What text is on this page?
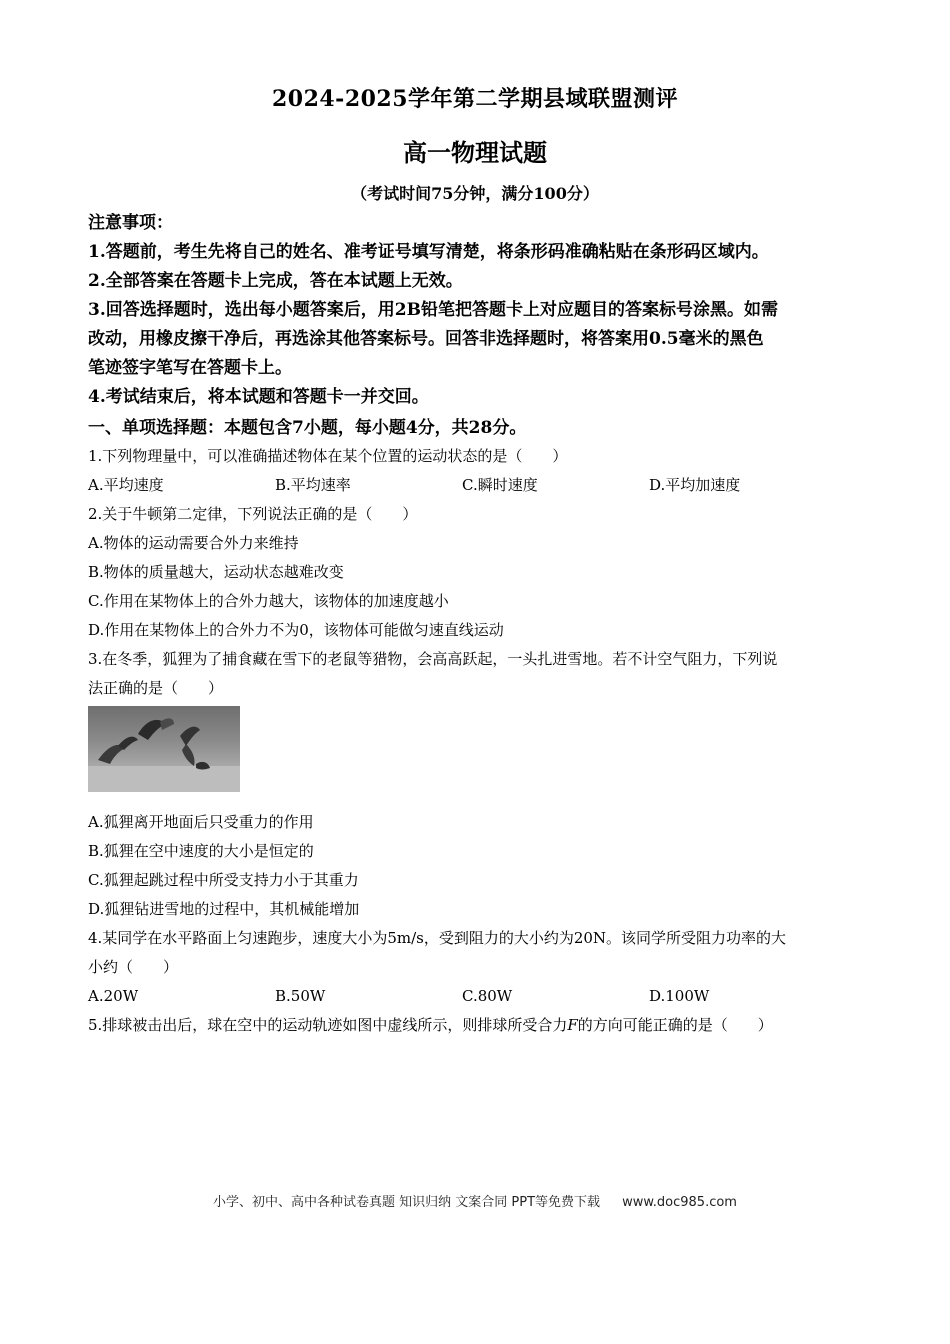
2024-2025学年第二学期县域联盟测评
高一物理试题
（考试时间75分钟，满分100分）

注意事项：

1.答题前，考生先将自己的姓名、准考证号填写清楚，将条形码准确粘贴在条形码区域内。

2.全部答案在答题卡上完成，答在本试题上无效。

3.回答选择题时，选出每小题答案后，用2B铅笔把答题卡上对应题目的答案标号涂黑。如需

改动，用橡皮擦干净后，再选涂其他答案标号。回答非选择题时，将答案用0.5毫米的黑色

笔迹签字笔写在答题卡上。

4.考试结束后，将本试题和答题卡一并交回。

一、单项选择题：本题包含7小题，每小题4分，共28分。

1.下列物理量中，可以准确描述物体在某个位置的运动状态的是（　　）

A.平均速度	B.平均速率	C.瞬时速度	D.平均加速度

2.关于牛顿第二定律，下列说法正确的是（　　）

A.物体的运动需要合外力来维持

B.物体的质量越大，运动状态越难改变

C.作用在某物体上的合外力越大，该物体的加速度越小

D.作用在某物体上的合外力不为0，该物体可能做匀速直线运动

3.在冬季，狐狸为了捕食藏在雪下的老鼠等猎物，会高高跃起，一头扎进雪地。若不计空气阻力，下列说

法正确的是（　　）

A.狐狸离开地面后只受重力的作用

B.狐狸在空中速度的大小是恒定的

C.狐狸起跳过程中所受支持力小于其重力

D.狐狸钻进雪地的过程中，其机械能增加

4.某同学在水平路面上匀速跑步，速度大小为5m/s，受到阻力的大小约为20N。该同学所受阻力功率的大

小约（　　）

A.20W	B.50W	C.80W	D.100W

5.排球被击出后，球在空中的运动轨迹如图中虚线所示，则排球所受合力F的方向可能正确的是（　　）

小学、初中、高中各种试卷真题 知识归纳 文案合同 PPT等免费下载 www.doc985.com
